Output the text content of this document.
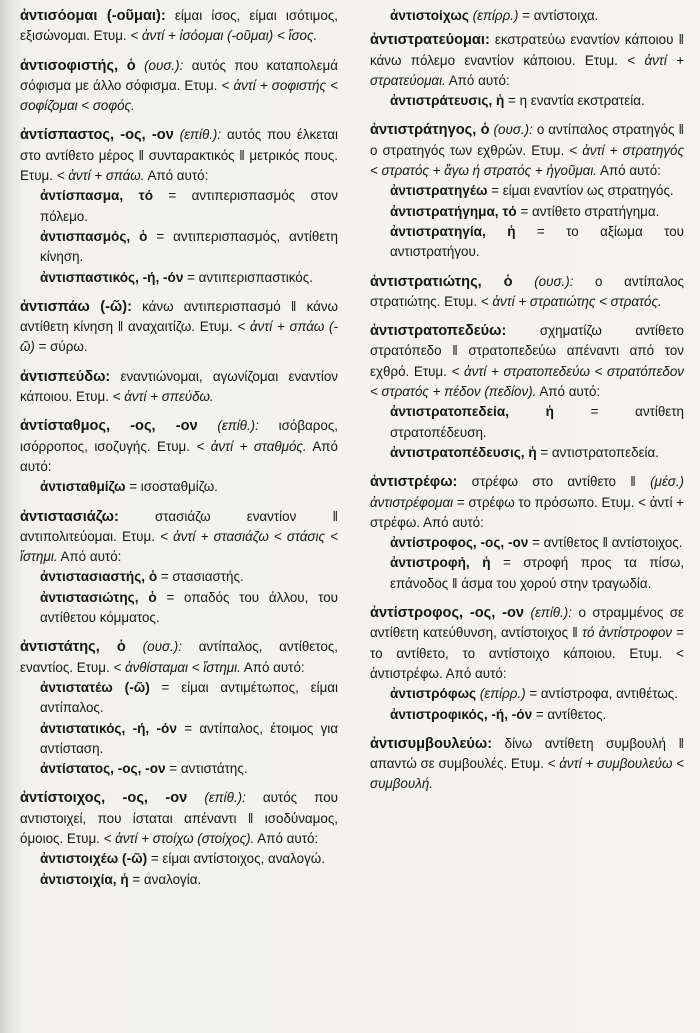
ἀντισόομαι (-οῦμαι): είμαι ίσος, είμαι ισότιμος, εξισώνομαι. Ετυμ. < ἀντί + ἰσόομαι (-οῦμαι) < ἴσος.
ἀντισοφιστής, ὁ (ουσ.): αυτός που καταπολεμά σόφισμα με άλλο σόφισμα. Ετυμ. < ἀντί + σοφιστής < σοφίζομαι < σοφός.
ἀντίσπαστος, -ος, -ον (επίθ.): αυτός που έλκεται στο αντίθετο μέρος ‖ συνταρακτικός ‖ μετρικός πους. Ετυμ. < ἀντί + σπάω. Από αυτό:
ἀντίσπασμα, τό = αντιπερισπασμός στον πόλεμο.
ἀντισπασμός, ὁ = αντιπερισπασμός, αντίθετη κίνηση.
ἀντισπαστικός, -ή, -όν = αντιπερισπαστικός.
ἀντισπάω (-ῶ): κάνω αντιπερισπασμό ‖ κάνω αντίθετη κίνηση ‖ αναχαιτίζω. Ετυμ. < ἀντί + σπάω (-ῶ) = σύρω.
ἀντισπεύδω: εναντιώνομαι, αγωνίζομαι εναντίον κάποιου. Ετυμ. < ἀντί + σπεύδω.
ἀντίσταθμος, -ος, -ον (επίθ.): ισόβαρος, ισόρροπος, ισοζυγής. Ετυμ. < ἀντί + σταθμός. Από αυτό:
ἀντισταθμίζω = ισοσταθμίζω.
ἀντιστασιάζω: στασιάζω εναντίον ‖ αντιπολιτεύομαι. Ετυμ. < ἀντί + στασιάζω < στάσις < ἵστημι. Από αυτό:
ἀντιστασιαστής, ὁ = στασιαστής.
ἀντιστασιώτης, ὁ = οπαδός του άλλου, του αντίθετου κόμματος.
ἀντιστάτης, ὁ (ουσ.): αντίπαλος, αντίθετος, εναντίος. Ετυμ. < ἀνθίσταμαι < ἵστημι. Από αυτό:
ἀντιστατέω (-ῶ) = είμαι αντιμέτωπος, είμαι αντίπαλος.
ἀντιστατικός, -ή, -όν = αντίπαλος, έτοιμος για αντίσταση.
ἀντίστατος, -ος, -ον = αντιστάτης.
ἀντίστοιχος, -ος, -ον (επίθ.): αυτός που αντιστοιχεί, που ίσταται απέναντι ‖ ισοδύναμος, όμοιος. Ετυμ. < ἀντί + στοίχω (στοίχος). Από αυτό:
ἀντιστοιχέω (-ῶ) = είμαι αντίστοιχος, αναλογώ.
ἀντιστοιχία, ἡ = αναλογία.
ἀντιστοίχως (επίρρ.) = αντίστοιχα.
ἀντιστρατεύομαι: εκστρατεύω εναντίον κάποιου ‖ κάνω πόλεμο εναντίον κάποιου. Ετυμ. < ἀντί + στρατεύομαι. Από αυτό:
ἀντιστράτευσις, ἡ = η εναντία εκστρατεία.
ἀντιστράτηγος, ὁ (ουσ.): ο αντίπαλος στρατηγός ‖ ο στρατηγός των εχθρών. Ετυμ. < ἀντί + στρατηγός < στρατός + ἄγω ή στρατός + ἡγοῦμαι. Από αυτό:
ἀντιστρατηγέω = είμαι εναντίον ως στρατηγός.
ἀντιστρατήγημα, τό = αντίθετο στρατήγημα.
ἀντιστρατηγία, ἡ = το αξίωμα του αντιστρατήγου.
ἀντιστρατιώτης, ὁ (ουσ.): ο αντίπαλος στρατιώτης. Ετυμ. < ἀντί + στρατιώτης < στρατός.
ἀντιστρατοπεδεύω: σχηματίζω αντίθετο στρατόπεδο ‖ στρατοπεδεύω απέναντι από τον εχθρό. Ετυμ. < ἀντί + στρατοπεδεύω < στρατόπεδον < στρατός + πέδον (πεδίον). Από αυτό:
ἀντιστρατοπεδεία, ἡ = αντίθετη στρατοπέδευση.
ἀντιστρατοπέδευσις, ἡ = αντιστρατοπεδεία.
ἀντιστρέφω: στρέφω στο αντίθετο ‖ (μέσ.) ἀντιστρέφομαι = στρέφω το πρόσωπο. Ετυμ. < ἀντί + στρέφω. Από αυτό:
ἀντίστροφος, -ος, -ον = αντίθετος ‖ αντίστοιχος.
ἀντιστροφή, ἡ = στροφή προς τα πίσω, επάνοδος ‖ άσμα του χορού στην τραγωδία.
ἀντίστροφος, -ος, -ον (επίθ.): ο στραμμένος σε αντίθετη κατεύθυνση, αντίστοιχος ‖ τό ἀντίστροφον = το αντίθετο, το αντίστοιχο κάποιου. Ετυμ. < ἀντιστρέφω. Από αυτό:
ἀντιστρόφως (επίρρ.) = αντίστροφα, αντιθέτως.
ἀντιστροφικός, -ή, -όν = αντίθετος.
ἀντισυμβουλεύω: δίνω αντίθετη συμβουλή ‖ απαντώ σε συμβουλές. Ετυμ. < ἀντί + συμβουλεύω < συμβουλή.
